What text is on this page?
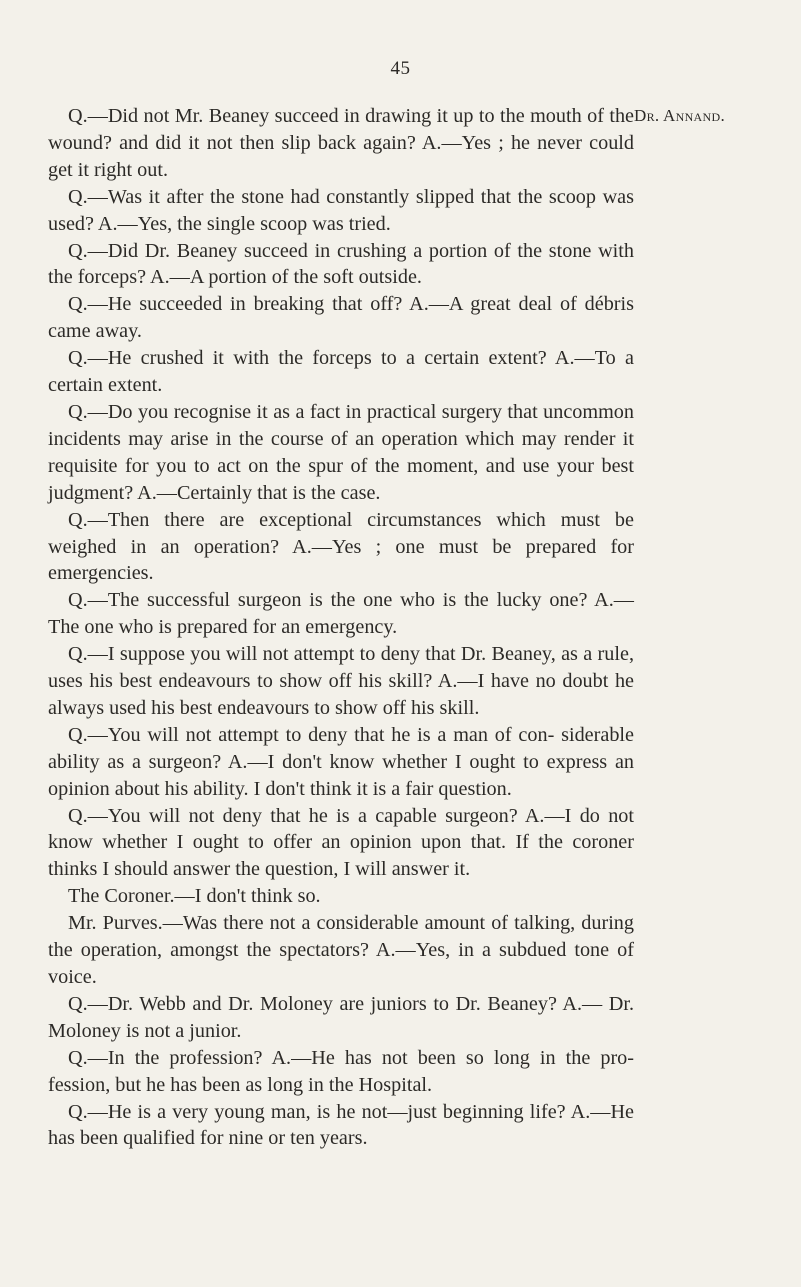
45
Dr. Annand.

Q.—Did not Mr. Beaney succeed in drawing it up to the mouth of the wound? and did it not then slip back again? A.—Yes ; he never could get it right out.

Q.—Was it after the stone had constantly slipped that the scoop was used? A.—Yes, the single scoop was tried.

Q.—Did Dr. Beaney succeed in crushing a portion of the stone with the forceps? A.—A portion of the soft outside.

Q.—He succeeded in breaking that off? A.—A great deal of débris came away.

Q.—He crushed it with the forceps to a certain extent? A.—To a certain extent.

Q.—Do you recognise it as a fact in practical surgery that uncommon incidents may arise in the course of an operation which may render it requisite for you to act on the spur of the moment, and use your best judgment? A.—Certainly that is the case.

Q.—Then there are exceptional circumstances which must be weighed in an operation? A.—Yes ; one must be prepared for emergencies.

Q.—The successful surgeon is the one who is the lucky one? A.— The one who is prepared for an emergency.

Q.—I suppose you will not attempt to deny that Dr. Beaney, as a rule, uses his best endeavours to show off his skill? A.—I have no doubt he always used his best endeavours to show off his skill.

Q.—You will not attempt to deny that he is a man of con- siderable ability as a surgeon? A.—I don't know whether I ought to express an opinion about his ability. I don't think it is a fair question.

Q.—You will not deny that he is a capable surgeon? A.—I do not know whether I ought to offer an opinion upon that. If the coroner thinks I should answer the question, I will answer it.

The Coroner.—I don't think so.

Mr. Purves.—Was there not a considerable amount of talking, during the operation, amongst the spectators? A.—Yes, in a subdued tone of voice.

Q.—Dr. Webb and Dr. Moloney are juniors to Dr. Beaney? A.— Dr. Moloney is not a junior.

Q.—In the profession? A.—He has not been so long in the pro- fession, but he has been as long in the Hospital.

Q.—He is a very young man, is he not—just beginning life? A.—He has been qualified for nine or ten years.
